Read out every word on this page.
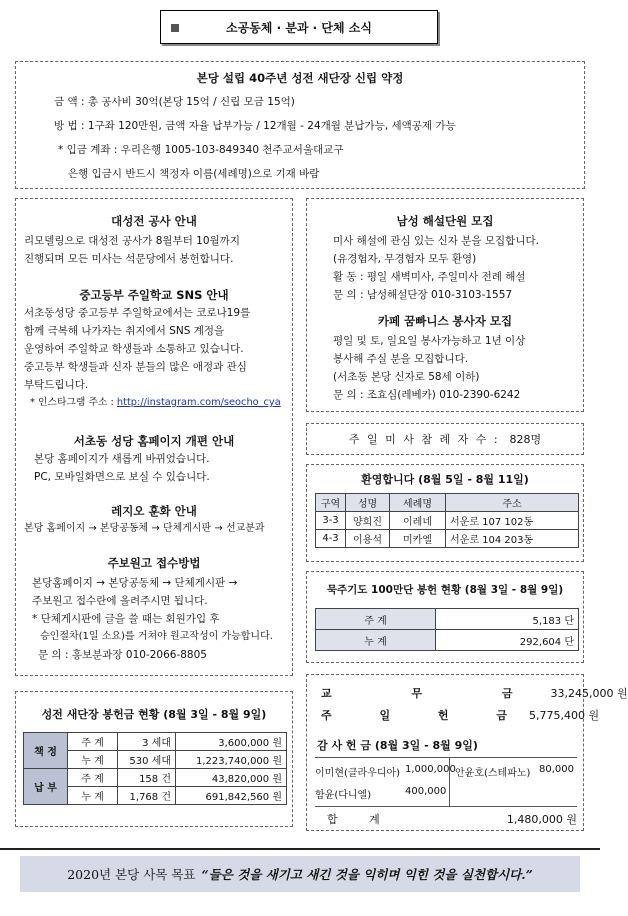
소공동체 · 분과 · 단체 소식
본당 설립 40주년 성전 새단장 신립 약정
금 액 : 총 공사비 30억(본당 15억 / 신립 모금 15억)
방 법 : 1구좌 120만원, 금액 자율 납부가능 / 12개월 - 24개월 분납가능, 세액공제 가능
* 입금 계좌 : 우리은행 1005-103-849340 천주교서울대교구
은행 입금시 반드시 책정자 이름(세례명)으로 기재 바람
대성전 공사 안내
리모델링으로 대성전 공사가 8월부터 10월까지
진행되며 모든 미사는 석문당에서 봉헌합니다.
중고등부 주일학교 SNS 안내
서초동성당 중고등부 주일학교에서는 코로나19를
함께 극복해 나가자는 취지에서 SNS 계정을
운영하여 주일학교 학생들과 소통하고 있습니다.
중고등부 학생들과 신자 분들의 많은 애정과 관심
부탁드립니다.
* 인스타그램 주소 : http://instagram.com/seocho_cya
서초동 성당 홈페이지 개편 안내
본당 홈페이지가 새롭게 바뀌었습니다.
PC, 모바일화면으로 보실 수 있습니다.
레지오 훈화 안내
본당 홈페이지 → 본당공동체 → 단체게시판 → 선교분과
주보원고 접수방법
본당홈페이지 → 본당공동체 → 단체게시판 →
주보원고 접수란에 올려주시면 됩니다.
* 단체게시판에 글을 쓸 때는 회원가입 후
승인절차(1일 소요)를 거쳐야 원고작성이 가능합니다.
문 의 : 홍보분과장 010-2066-8805
남성 해설단원 모집
미사 해설에 관심 있는 신자 분을 모집합니다.
(유경험자, 무경험자 모두 환영)
활 동 : 평일 새벽미사, 주일미사 전례 해설
문 의 : 남성해설단장 010-3103-1557
카페 꿈빠니스 봉사자 모집
평일 및 토, 일요일 봉사가능하고 1년 이상
봉사해 주실 분을 모집합니다.
(서초동 본당 신자로 58세 이하)
문 의 : 조효심(레베카) 010-2390-6242
주 일 미 사 참 례 자 수 : 828명
환영합니다 (8월 5일 - 8월 11일)
구역	성명	세례명	주소
3-3	양희진	이레네	서운로 107 102동
4-3	이용석	미카엘	서운로 104 203동
묵주기도 100만단 봉헌 현황 (8월 3일 - 8월 9일)
주 계	5,183 단
누 계	292,604 단
성전 새단장 봉헌금 현황 (8월 3일 - 8월 9일)
책 정	주 계	3 세대	3,600,000 원
	누 계	530 세대	1,223,740,000 원
납 부	주 계	158 건	43,820,000 원
	누 계	1,768 건	691,842,560 원
교 무 금 33,245,000 원
주 일 헌 금 5,775,400 원
감 사 헌 금 (8월 3일 - 8월 9일)
이미현(클라우디아) 1,000,000 안윤호(스테파노) 80,000
함윤(다니엘)	400,000
합 계	1,480,000 원
2020년 본당 사목 목표 “들은 것을 새기고 새긴 것을 익히며 익힌 것을 실천합시다.”
